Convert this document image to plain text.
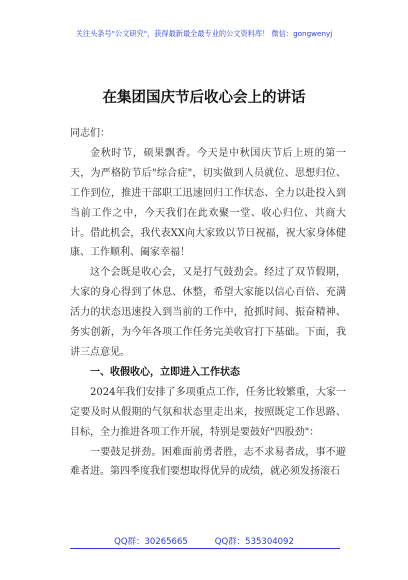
关注头条号"公文研究"，获得最新最全最专业的公文资料库！ 微信：gongwenyj
在集团国庆节后收心会上的讲话

同志们：

金秋时节，硕果飘香。今天是中秋国庆节后上班的第一天，为严格防节后"综合症"，切实做到人员就位、思想归位、工作到位，推进干部职工迅速回归工作状态、全力以赴投入到当前工作之中，今天我们在此欢聚一堂、收心归位、共商大计。借此机会，我代表XX向大家致以节日祝福，祝大家身体健康、工作顺利、阖家幸福！

这个会既是收心会，又是打气鼓劲会。经过了双节假期，大家的身心得到了休息、休整，希望大家能以信心百倍、充满活力的状态迅速投入到当前的工作中，抢抓时间、振奋精神、务实创新，为今年各项工作任务完美收官打下基础。下面，我讲三点意见。

一、收假收心，立即进入工作状态

2024年我们安排了多项重点工作，任务比较繁重，大家一定要及时从假期的气氛和状态里走出来，按照既定工作思路、目标，全力推进各项工作开展，特别是要鼓好"四股劲"：

一要鼓足拼劲。困难面前勇者胜，志不求易者成，事不避难者进。第四季度我们要想取得优异的成绩，就必须发扬滚石

QQ群：30265665          QQ群：535304092
